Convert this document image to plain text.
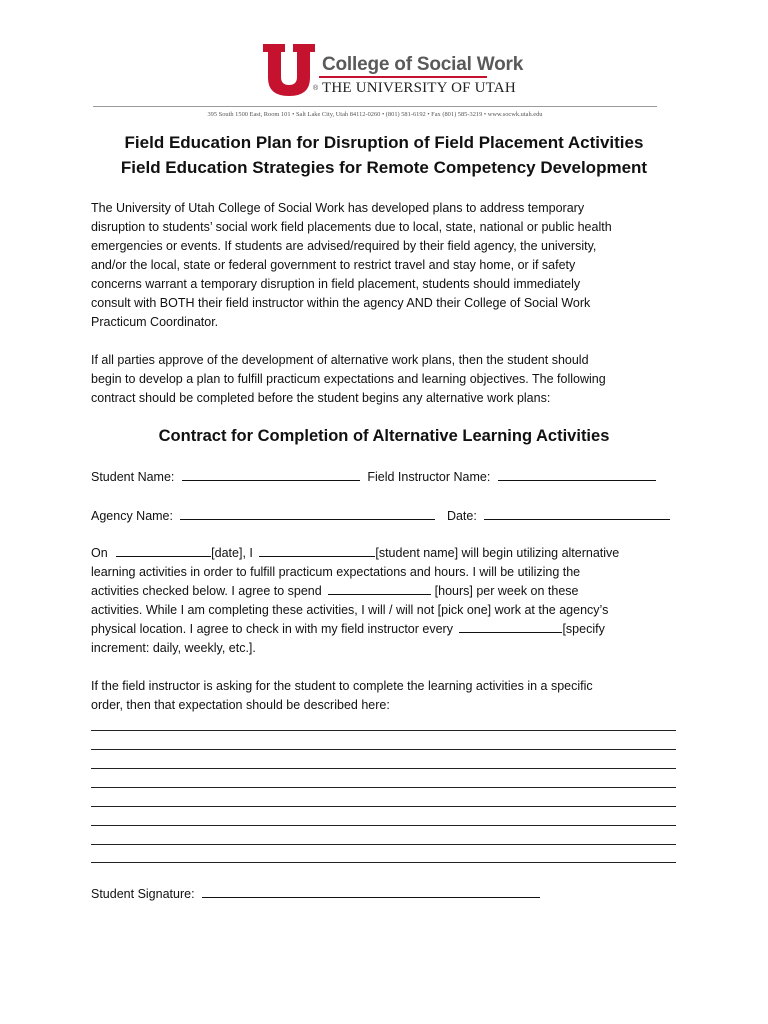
College of Social Work
® THE UNIVERSITY OF UTAH
395 South 1500 East, Room 101 • Salt Lake City, Utah 84112-0260 • (801) 581-6192 • Fax (801) 585-3219 • www.socwk.utah.edu
Field Education Plan for Disruption of Field Placement Activities
Field Education Strategies for Remote Competency Development
The University of Utah College of Social Work has developed plans to address temporary
disruption to students’ social work field placements due to local, state, national or public health
emergencies or events. If students are advised/required by their field agency, the university,
and/or the local, state or federal government to restrict travel and stay home, or if safety
concerns warrant a temporary disruption in field placement, students should immediately
consult with BOTH their field instructor within the agency AND their College of Social Work
Practicum Coordinator.
If all parties approve of the development of alternative work plans, then the student should
begin to develop a plan to fulfill practicum expectations and learning objectives. The following
contract should be completed before the student begins any alternative work plans:
Contract for Completion of Alternative Learning Activities
Student Name:	Field Instructor Name:
Agency Name:	Date:
On	[date], I	[student name] will begin utilizing alternative
learning activities in order to fulfill practicum expectations and hours. I will be utilizing the
activities checked below. I agree to spend	[hours] per week on these
activities. While I am completing these activities, I will / will not [pick one] work at the agency’s
physical location. I agree to check in with my field instructor every	[specify
increment: daily, weekly, etc.].
If the field instructor is asking for the student to complete the learning activities in a specific
order, then that expectation should be described here:
Student Signature:
